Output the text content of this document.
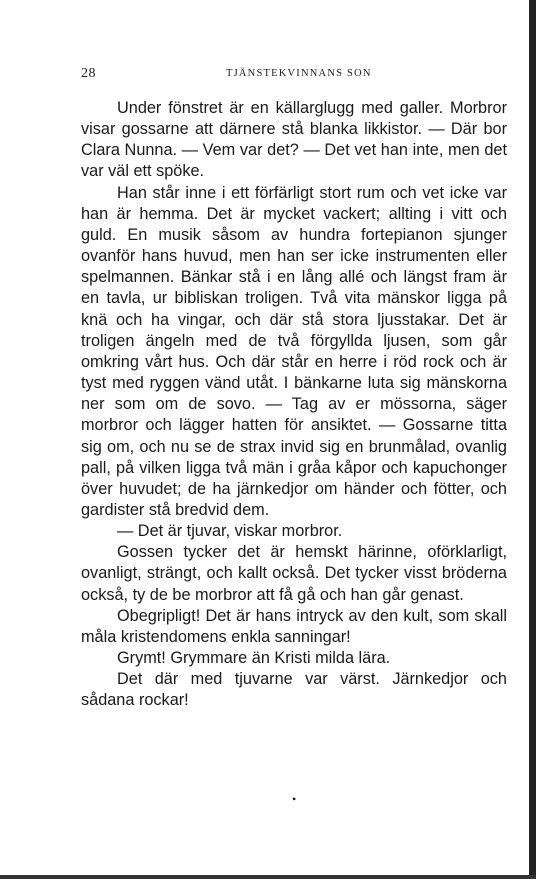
28	TJÄNSTEKVINNANS SON

Under fönstret är en källarglugg med galler. Morbror visar gossarne att därnere stå blanka likkistor. — Där bor Clara Nunna. — Vem var det? — Det vet han inte, men det var väl ett spöke.

Han står inne i ett förfärligt stort rum och vet icke var han är hemma. Det är mycket vackert; allting i vitt och guld. En musik såsom av hundra fortepianon sjunger ovanför hans huvud, men han ser icke instrumenten eller spelmannen. Bänkar stå i en lång allé och längst fram är en tavla, ur bibliskan troligen. Två vita mänskor ligga på knä och ha vingar, och där stå stora ljusstakar. Det är troligen ängeln med de två förgyllda ljusen, som går omkring vårt hus. Och där står en herre i röd rock och är tyst med ryggen vänd utåt. I bänkarne luta sig mänskorna ner som om de sovo. — Tag av er mössorna, säger morbror och lägger hatten för ansiktet. — Gossarne titta sig om, och nu se de strax invid sig en brunmålad, ovanlig pall, på vilken ligga två män i gråa kåpor och kapuchonger över huvudet; de ha järnkedjor om händer och fötter, och gardister stå bredvid dem.

— Det är tjuvar, viskar morbror.

Gossen tycker det är hemskt härinne, oförklarligt, ovanligt, strängt, och kallt också. Det tycker visst bröderna också, ty de be morbror att få gå och han går genast.

Obegripligt! Det är hans intryck av den kult, som skall måla kristendomens enkla sanningar!

Grymt! Grymmare än Kristi milda lära.

Det där med tjuvarne var värst. Järnkedjor och sådana rockar!

•
